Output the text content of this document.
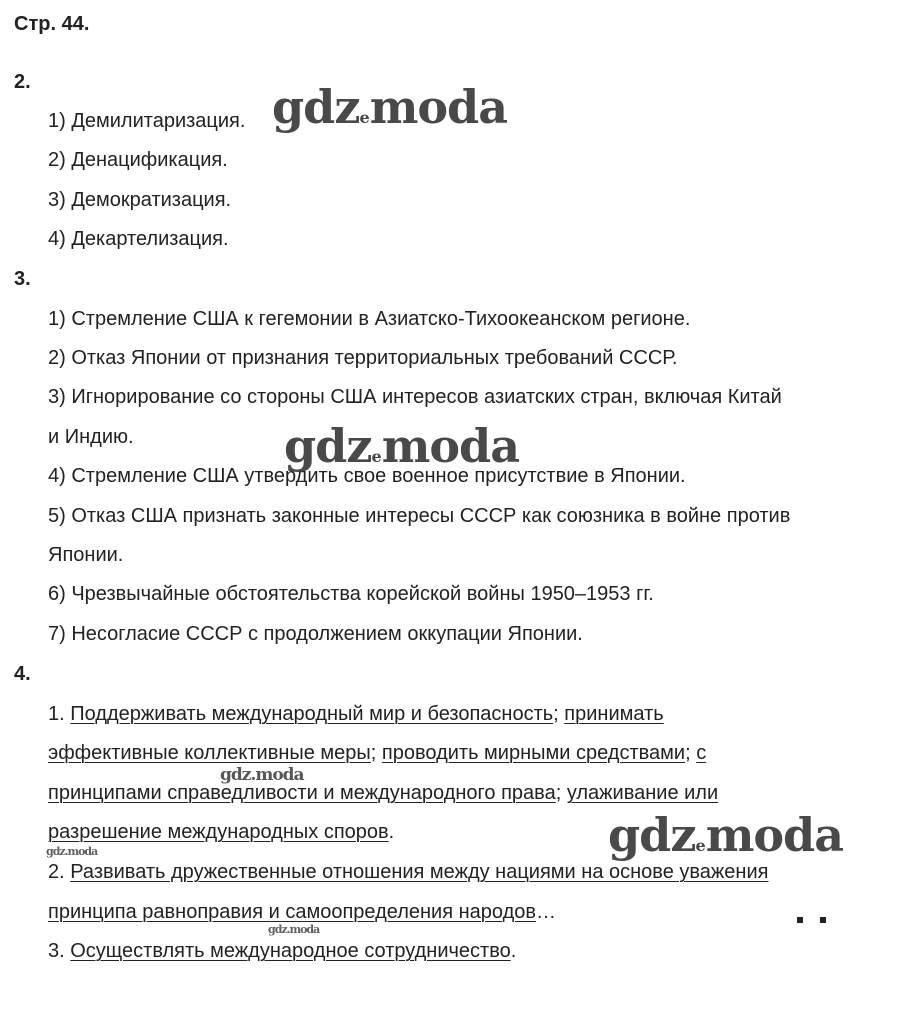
Стр. 44.
2.
1) Демилитаризация.
2) Денацификация.
3) Демократизация.
4) Декартелизация.
3.
1) Стремление США к гегемонии в Азиатско-Тихоокеанском регионе.
2) Отказ Японии от признания территориальных требований СССР.
3) Игнорирование со стороны США интересов азиатских стран, включая Китай
и Индию.
4) Стремление США утвердить свое военное присутствие в Японии.
5) Отказ США признать законные интересы СССР как союзника в войне против
Японии.
6) Чрезвычайные обстоятельства корейской войны 1950–1953 гг.
7) Несогласие СССР с продолжением оккупации Японии.
4.
1. Поддерживать международный мир и безопасность; принимать
эффективные коллективные меры; проводить мирными средствами; с
принципами справедливости и международного права; улаживание или
разрешение международных споров.
2. Развивать дружественные отношения между нациями на основе уважения
принципа равноправия и самоопределения народов…
3. Осуществлять международное сотрудничество.
gdzemoda
gdzemoda
gdzemoda
gdz.moda
gdz.moda
gdz.moda
